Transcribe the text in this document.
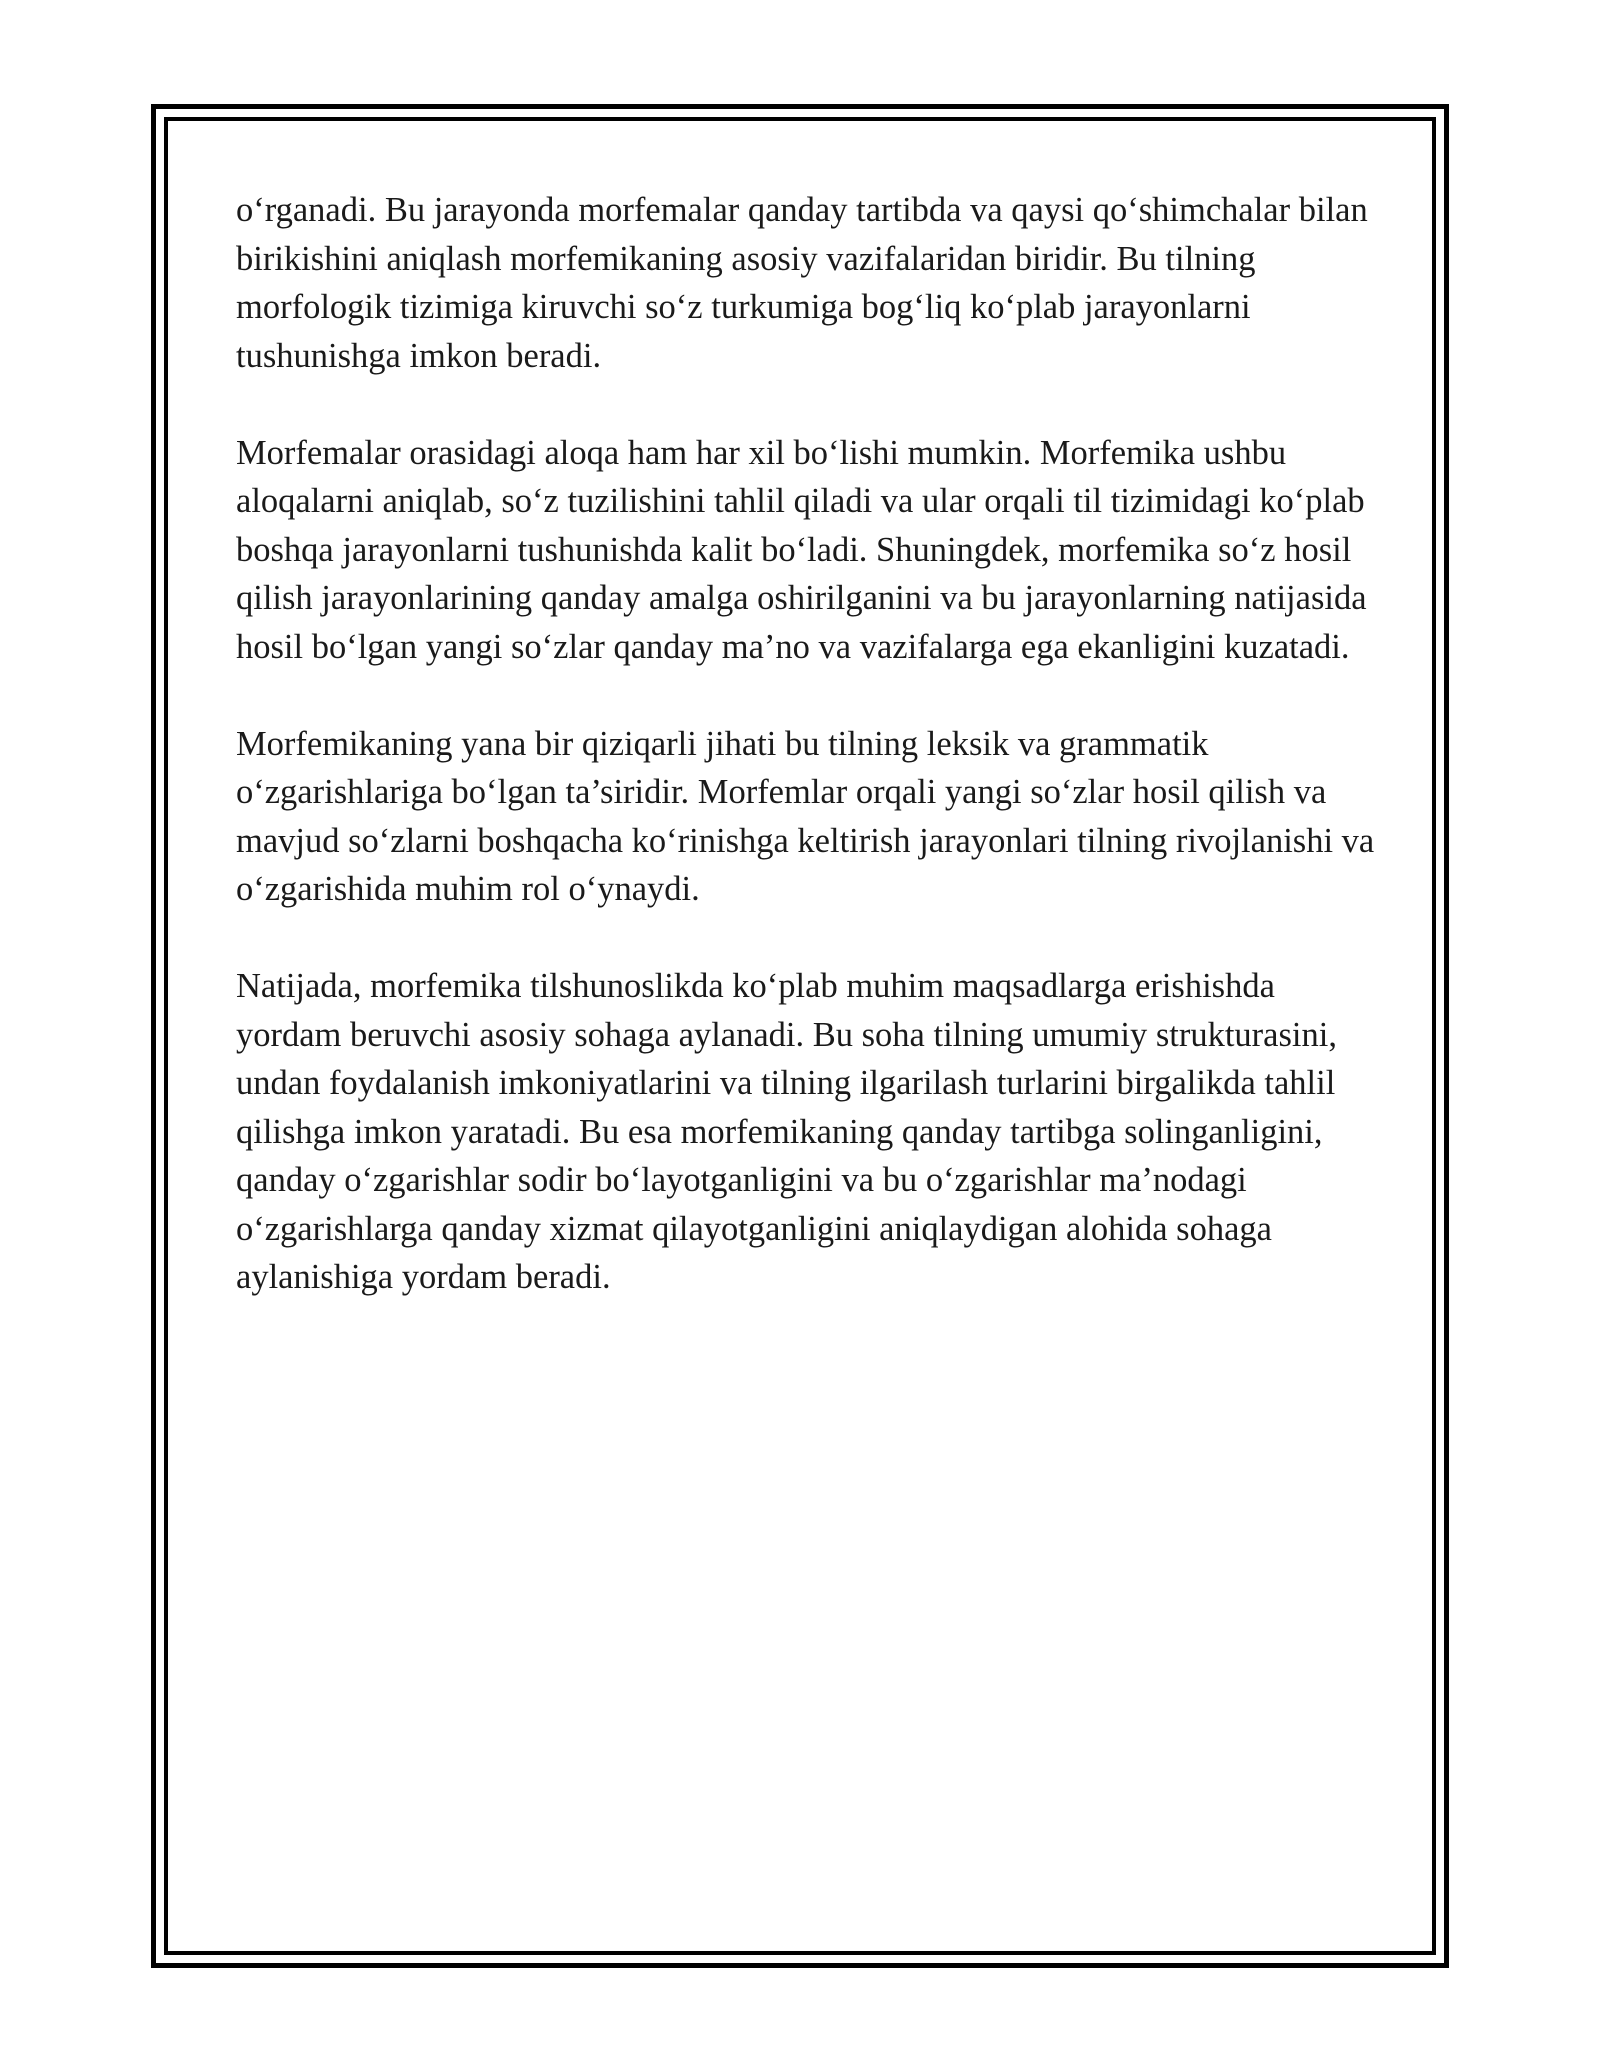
o‘rganadi. Bu jarayonda morfemalar qanday tartibda va qaysi qo‘shimchalar bilan birikishini aniqlash morfemikaning asosiy vazifalaridan biridir. Bu tilning morfologik tizimiga kiruvchi so‘z turkumiga bog‘liq ko‘plab jarayonlarni tushunishga imkon beradi.

Morfemalar orasidagi aloqa ham har xil bo‘lishi mumkin. Morfemika ushbu aloqalarni aniqlab, so‘z tuzilishini tahlil qiladi va ular orqali til tizimidagi ko‘plab boshqa jarayonlarni tushunishda kalit bo‘ladi. Shuningdek, morfemika so‘z hosil qilish jarayonlarining qanday amalga oshirilganini va bu jarayonlarning natijasida hosil bo‘lgan yangi so‘zlar qanday ma’no va vazifalarga ega ekanligini kuzatadi.

Morfemikaning yana bir qiziqarli jihati bu tilning leksik va grammatik o‘zgarishlariga bo‘lgan ta’siridir. Morfemlar orqali yangi so‘zlar hosil qilish va mavjud so‘zlarni boshqacha ko‘rinishga keltirish jarayonlari tilning rivojlanishi va o‘zgarishida muhim rol o‘ynaydi.

Natijada, morfemika tilshunoslikda ko‘plab muhim maqsadlarga erishishda yordam beruvchi asosiy sohaga aylanadi. Bu soha tilning umumiy strukturasini, undan foydalanish imkoniyatlarini va tilning ilgarilash turlarini birgalikda tahlil qilishga imkon yaratadi. Bu esa morfemikaning qanday tartibga solinganligini, qanday o‘zgarishlar sodir bo‘layotganligini va bu o‘zgarishlar ma’nodagi o‘zgarishlarga qanday xizmat qilayotganligini aniqlaydigan alohida sohaga aylanishiga yordam beradi.
